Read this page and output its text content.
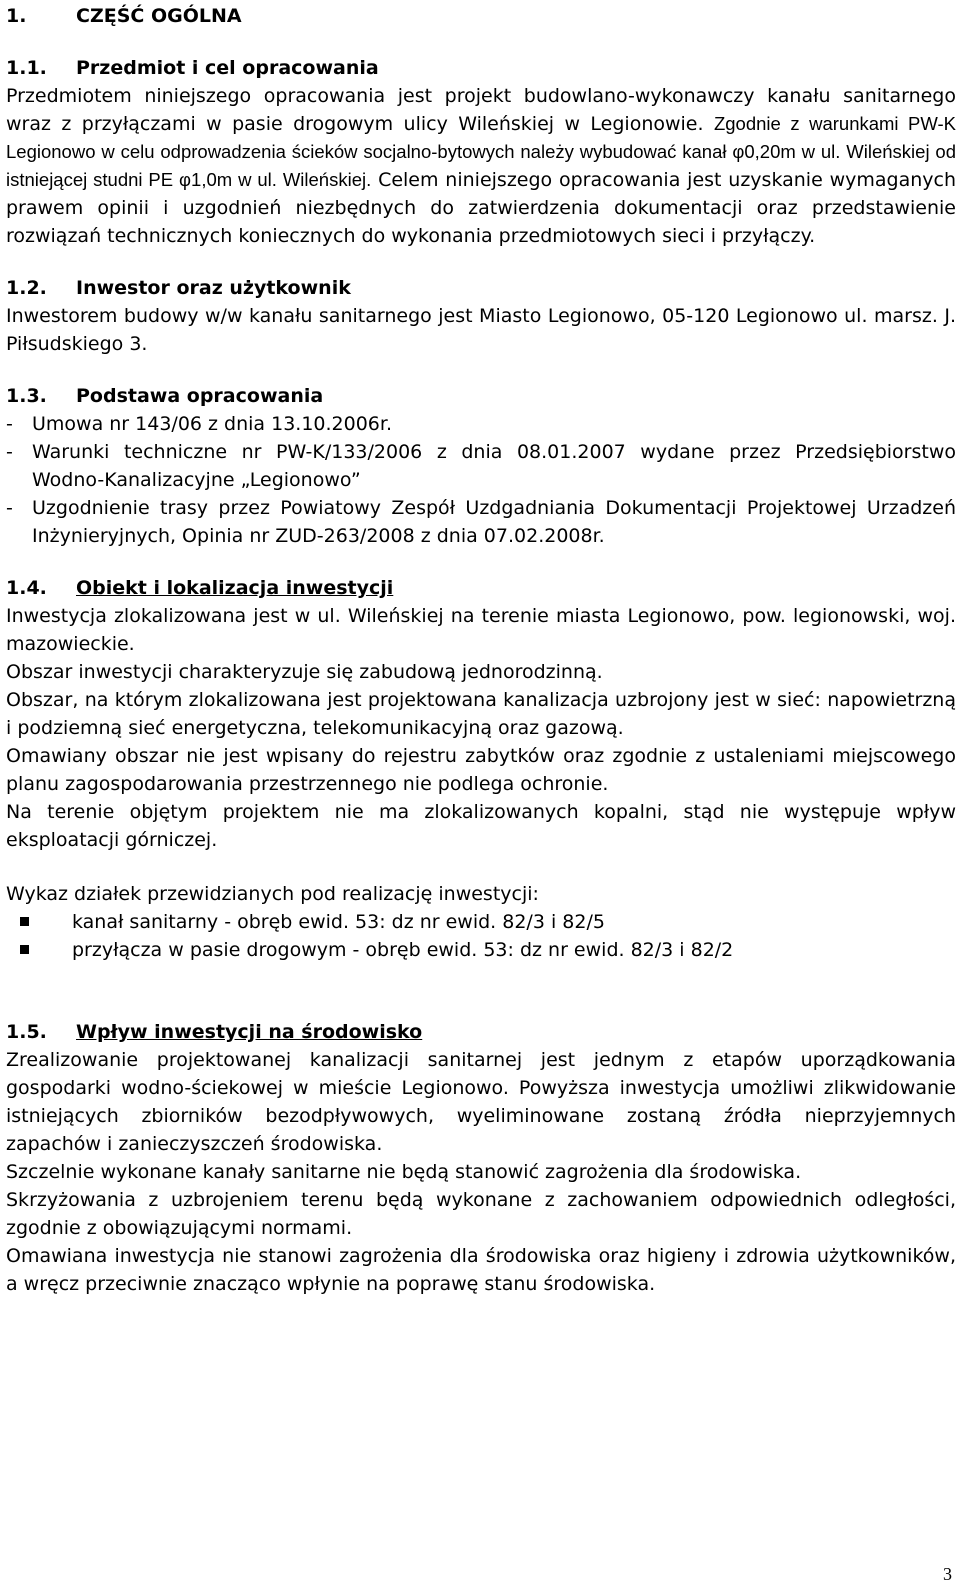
1.	CZĘŚĆ OGÓLNA
1.1. Przedmiot i cel opracowania

Przedmiotem niniejszego opracowania jest projekt budowlano-wykonawczy kanału sanitarnego wraz z przyłączami w pasie drogowym ulicy Wileńskiej w Legionowie. Zgodnie z warunkami PW-K Legionowo w celu odprowadzenia ścieków socjalno-bytowych należy wybudować kanał φ0,20m w ul. Wileńskiej od istniejącej studni PE φ1,0m w ul. Wileńskiej. Celem niniejszego opracowania jest uzyskanie wymaganych prawem opinii i uzgodnień niezbędnych do zatwierdzenia dokumentacji oraz przedstawienie rozwiązań technicznych koniecznych do wykonania przedmiotowych sieci i przyłączy.

1.2. Inwestor oraz użytkownik

Inwestorem budowy w/w kanału sanitarnego jest Miasto Legionowo, 05-120 Legionowo ul. marsz. J. Piłsudskiego 3.

1.3. Podstawa opracowania
- Umowa nr 143/06 z dnia 13.10.2006r.
- Warunki techniczne nr PW-K/133/2006 z dnia 08.01.2007 wydane przez Przedsiębiorstwo Wodno-Kanalizacyjne „Legionowo”
- Uzgodnienie trasy przez Powiatowy Zespół Uzdgadniania Dokumentacji Projektowej Urzadzeń Inżynieryjnych, Opinia nr ZUD-263/2008 z dnia 07.02.2008r.
1.4. Obiekt i lokalizacja inwestycji

Inwestycja zlokalizowana jest w ul. Wileńskiej na terenie miasta Legionowo, pow. legionowski, woj. mazowieckie.

Obszar inwestycji charakteryzuje się zabudową jednorodzinną.

Obszar, na którym zlokalizowana jest projektowana kanalizacja uzbrojony jest w sieć: napowietrzną i podziemną sieć energetyczna, telekomunikacyjną oraz gazową.

Omawiany obszar nie jest wpisany do rejestru zabytków oraz zgodnie z ustaleniami miejscowego planu zagospodarowania przestrzennego nie podlega ochronie.

Na terenie objętym projektem nie ma zlokalizowanych kopalni, stąd nie występuje wpływ eksploatacji górniczej.

Wykaz działek przewidzianych pod realizację inwestycji:

kanał sanitarny - obręb ewid. 53: dz nr ewid. 82/3 i 82/5
przyłącza w pasie drogowym - obręb ewid. 53: dz nr ewid. 82/3 i 82/2
1.5. Wpływ inwestycji na środowisko

Zrealizowanie projektowanej kanalizacji sanitarnej jest jednym z etapów uporządkowania gospodarki wodno-ściekowej w mieście Legionowo. Powyższa inwestycja umożliwi zlikwidowanie istniejących zbiorników bezodpływowych, wyeliminowane zostaną źródła nieprzyjemnych zapachów i zanieczyszczeń środowiska.

Szczelnie wykonane kanały sanitarne nie będą stanowić zagrożenia dla środowiska.

Skrzyżowania z uzbrojeniem terenu będą wykonane z zachowaniem odpowiednich odległości, zgodnie z obowiązującymi normami.

Omawiana inwestycja nie stanowi zagrożenia dla środowiska oraz higieny i zdrowia użytkowników, a wręcz przeciwnie znacząco wpłynie na poprawę stanu środowiska.

3
